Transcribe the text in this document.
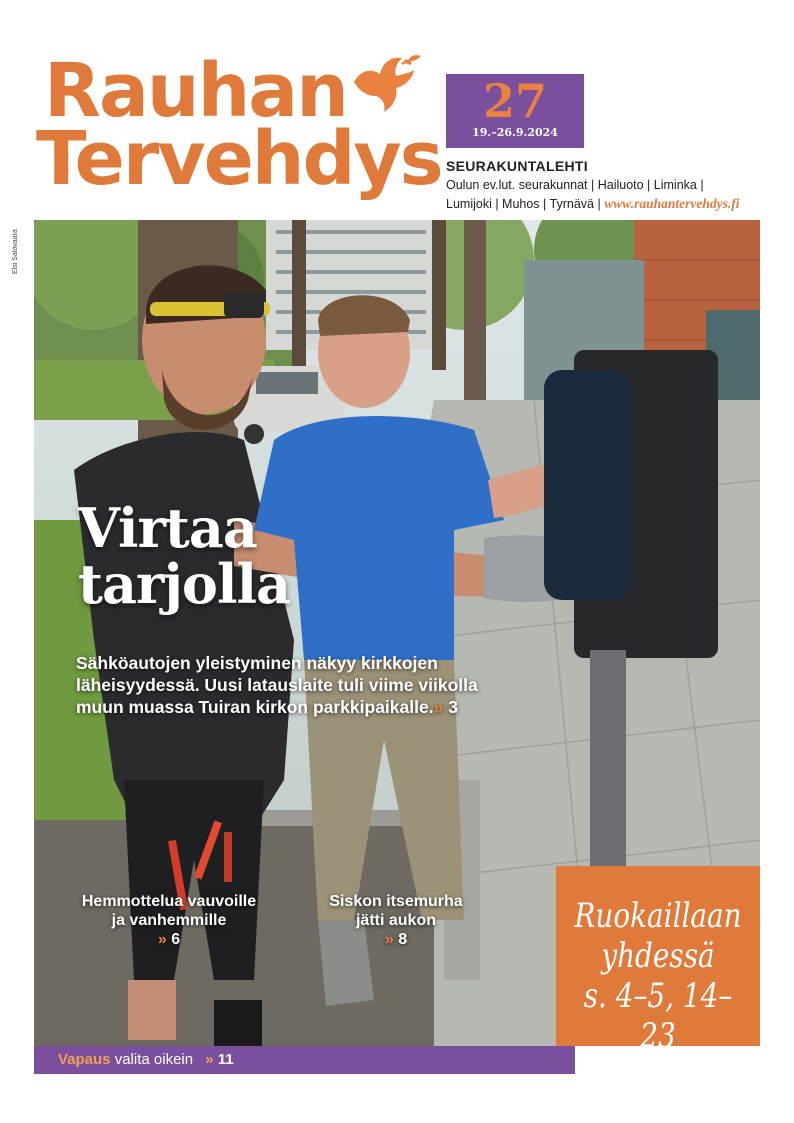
Rauhan
Tervehdys
27
19.–26.9.2024
SEURAKUNTALEHTI
Oulun ev.lut. seurakunnat | Hailuoto | Liminka |
Lumijoki | Muhos | Tyrnävä | www.rauhantervehdys.fi
Elsi Salovaara
Virtaa
tarjolla
Sähköautojen yleistyminen näkyy kirkkojen
läheisyydessä. Uusi latauslaite tuli viime viikolla
muun muassa Tuiran kirkon parkkipaikalle.» 3
Hemmottelua vauvoille
ja vanhemmille
» 6
Siskon itsemurha
jätti aukon
» 8
Ruokaillaan
yhdessä
s. 4–5, 14–23
Vapaus valita oikein » 11
